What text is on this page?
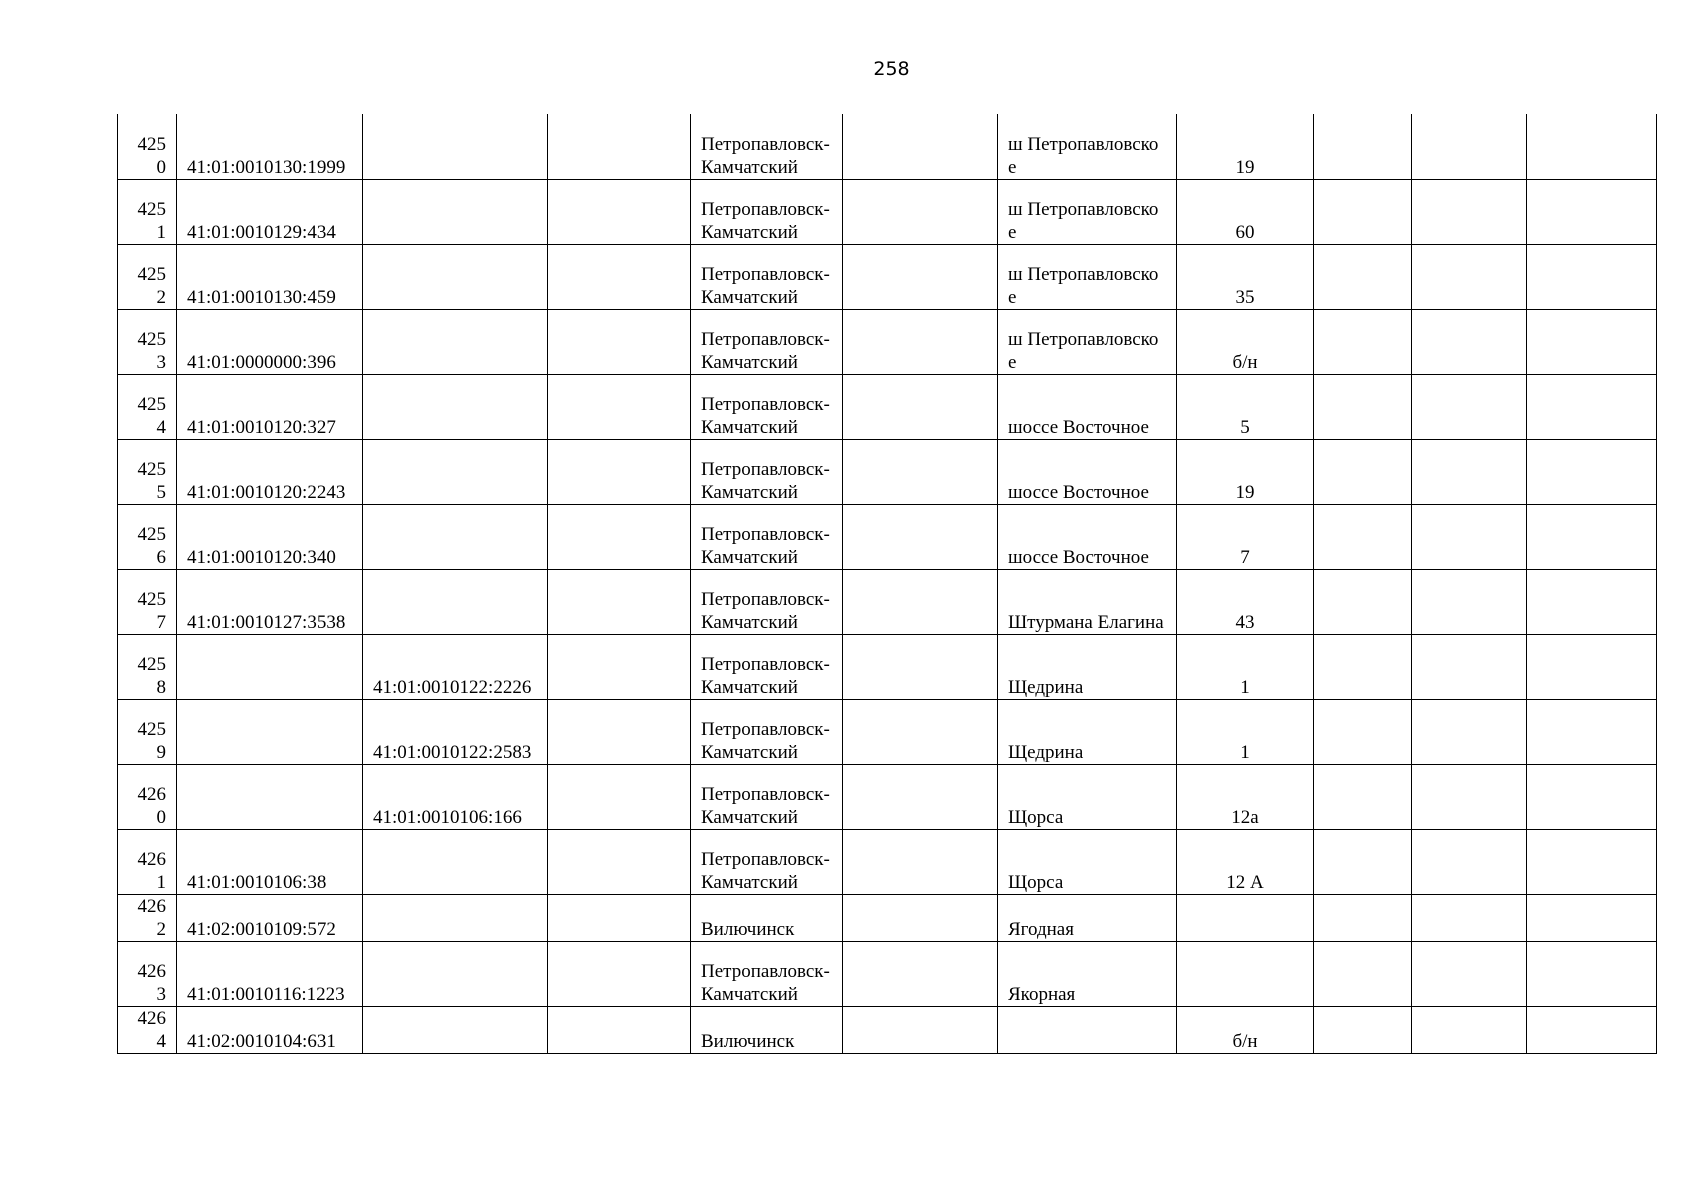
258
425
0	41:01:0010130:1999			Петропавловск-Камчатский		ш Петропавловское	19			

425
1	41:01:0010129:434			Петропавловск-Камчатский		ш Петропавловское	60			

425
2	41:01:0010130:459			Петропавловск-Камчатский		ш Петропавловское	35			

425
3	41:01:0000000:396			Петропавловск-Камчатский		ш Петропавловское	б/н			

425
4	41:01:0010120:327			Петропавловск-Камчатский		шоссе Восточное	5			

425
5	41:01:0010120:2243			Петропавловск-Камчатский		шоссе Восточное	19			

425
6	41:01:0010120:340			Петропавловск-Камчатский		шоссе Восточное	7			

425
7	41:01:0010127:3538			Петропавловск-Камчатский		Штурмана Елагина	43			

425
8		41:01:0010122:2226		Петропавловск-Камчатский		Щедрина	1			

425
9		41:01:0010122:2583		Петропавловск-Камчатский		Щедрина	1			

426
0		41:01:0010106:166		Петропавловск-Камчатский		Щорса	12а			

426
1	41:01:0010106:38			Петропавловск-Камчатский		Щорса	12 А			

426
2	41:02:0010109:572			Вилючинск		Ягодная				

426
3	41:01:0010116:1223			Петропавловск-Камчатский		Якорная				

426
4	41:02:0010104:631			Вилючинск			б/н			
